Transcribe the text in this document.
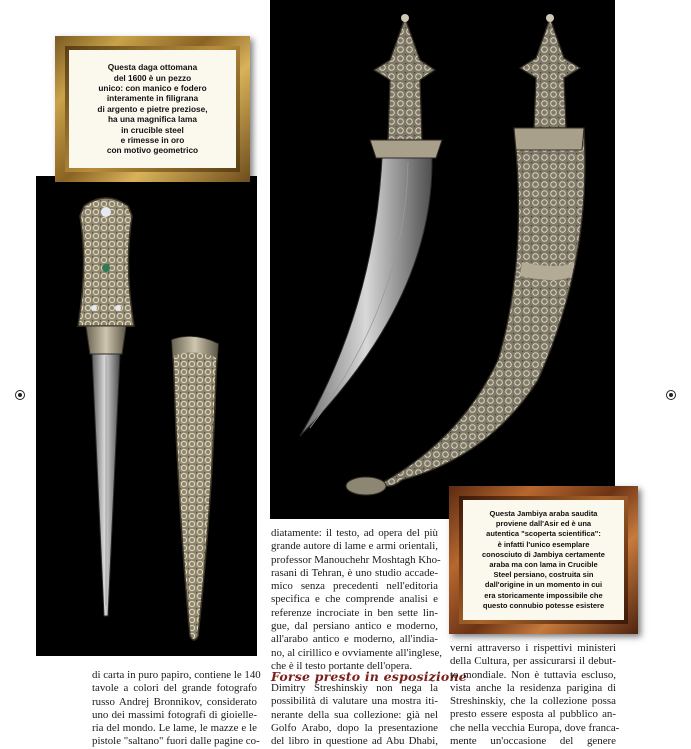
Questa daga ottomana
del 1600 è un pezzo
unico: con manico e fodero
interamente in filigrana
di argento e pietre preziose,
ha una magnifica lama
in crucible steel
e rimesse in oro
con motivo geometrico
Questa Jambiya araba saudita
proviene dall'Asir ed è una
autentica "scoperta scientifica":
è infatti l'unico esemplare
conosciuto di Jambiya certamente
araba ma con lama in Crucible
Steel persiano, costruita sin
dall'origine in un momento in cui
era storicamente impossibile che
questo connubio potesse esistere
diatamente: il testo, ad opera del più
grande autore di lame e armi orientali,
professor Manouchehr Moshtagh Kho-
rasani di Tehran, è uno studio accade-
mico senza precedenti nell'editoria
specifica e che comprende analisi e
referenze incrociate in ben sette lin-
gue, dal persiano antico e moderno,
all'arabo antico e moderno, all'india-
no, al cirillico e ovviamente all'inglese,
che è il testo portante dell'opera.
Forse presto in esposizione
Dimitry Streshinskiy non nega la
possibilità di valutare una mostra iti-
nerante della sua collezione: già nel
Golfo Arabo, dopo la presentazione
del libro in questione ad Abu Dhabi,
di carta in puro papiro, contiene le 140
tavole a colori del grande fotografo
russo Andrej Bronnikov, considerato
uno dei massimi fotografi di gioielle-
ria del mondo. Le lame, le mazze e le
pistole "saltano" fuori dalle pagine co-
verni attraverso i rispettivi ministeri
della Cultura, per assicurarsi il debut-
to mondiale. Non è tuttavia escluso,
vista anche la residenza parigina di
Streshinskiy, che la collezione possa
presto essere esposta al pubblico an-
che nella vecchia Europa, dove franca-
mente un'occasione del genere
